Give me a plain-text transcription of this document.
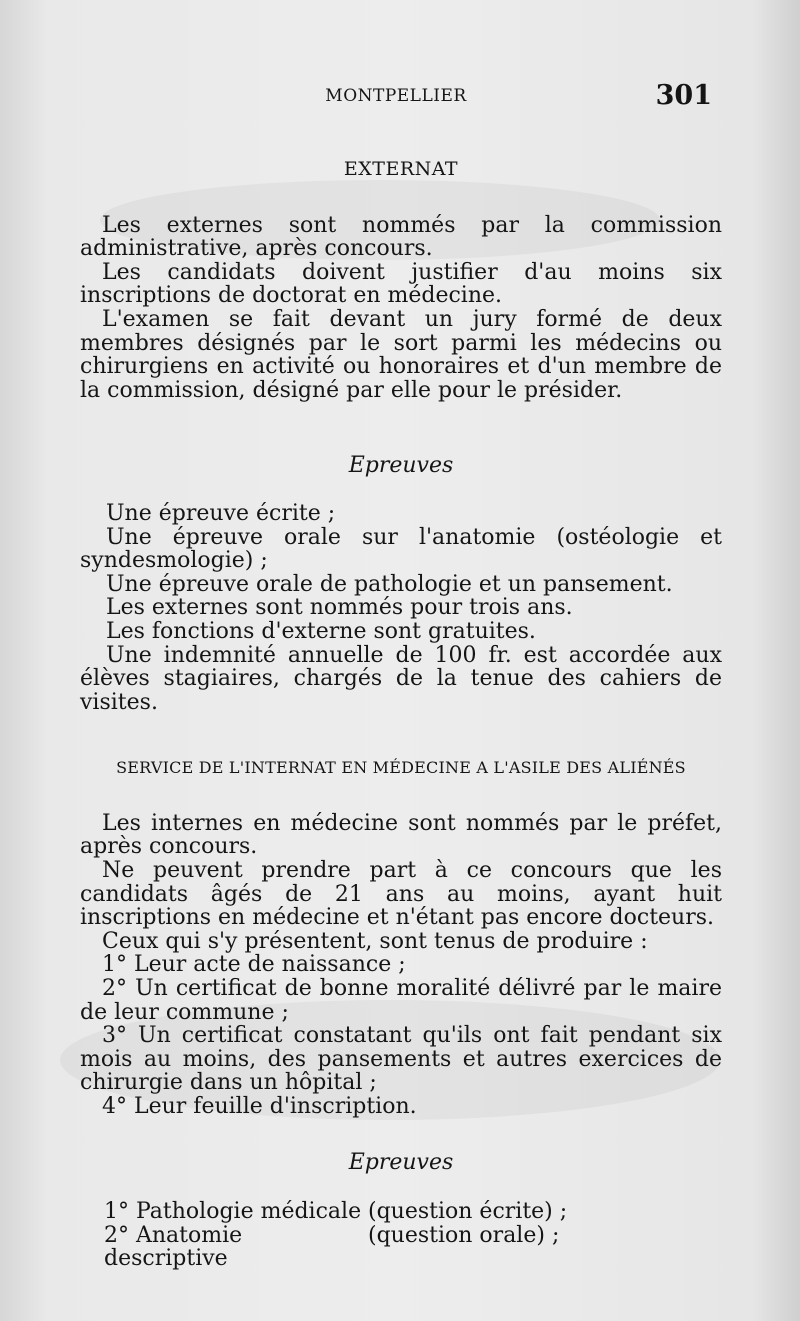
MONTPELLIER	301
EXTERNAT

Les externes sont nommés par la commission administrative, après concours.

Les candidats doivent justifier d'au moins six inscriptions de doctorat en médecine.

L'examen se fait devant un jury formé de deux membres désignés par le sort parmi les médecins ou chirurgiens en activité ou honoraires et d'un membre de la commission, désigné par elle pour le présider.

Epreuves

Une épreuve écrite ;

Une épreuve orale sur l'anatomie (ostéologie et syndesmologie) ;

Une épreuve orale de pathologie et un pansement.

Les externes sont nommés pour trois ans.

Les fonctions d'externe sont gratuites.

Une indemnité annuelle de 100 fr. est accordée aux élèves stagiaires, chargés de la tenue des cahiers de visites.

SERVICE DE L'INTERNAT EN MÉDECINE A L'ASILE DES ALIÉNÉS

Les internes en médecine sont nommés par le préfet, après concours.

Ne peuvent prendre part à ce concours que les candidats âgés de 21 ans au moins, ayant huit inscriptions en médecine et n'étant pas encore docteurs.

Ceux qui s'y présentent, sont tenus de produire :

1° Leur acte de naissance ;

2° Un certificat de bonne moralité délivré par le maire de leur commune ;

3° Un certificat constatant qu'ils ont fait pendant six mois au moins, des pansements et autres exercices de chirurgie dans un hôpital ;

4° Leur feuille d'inscription.

Epreuves
1° Pathologie médicale (question écrite) ;
2° Anatomie descriptive
(question orale) ;
